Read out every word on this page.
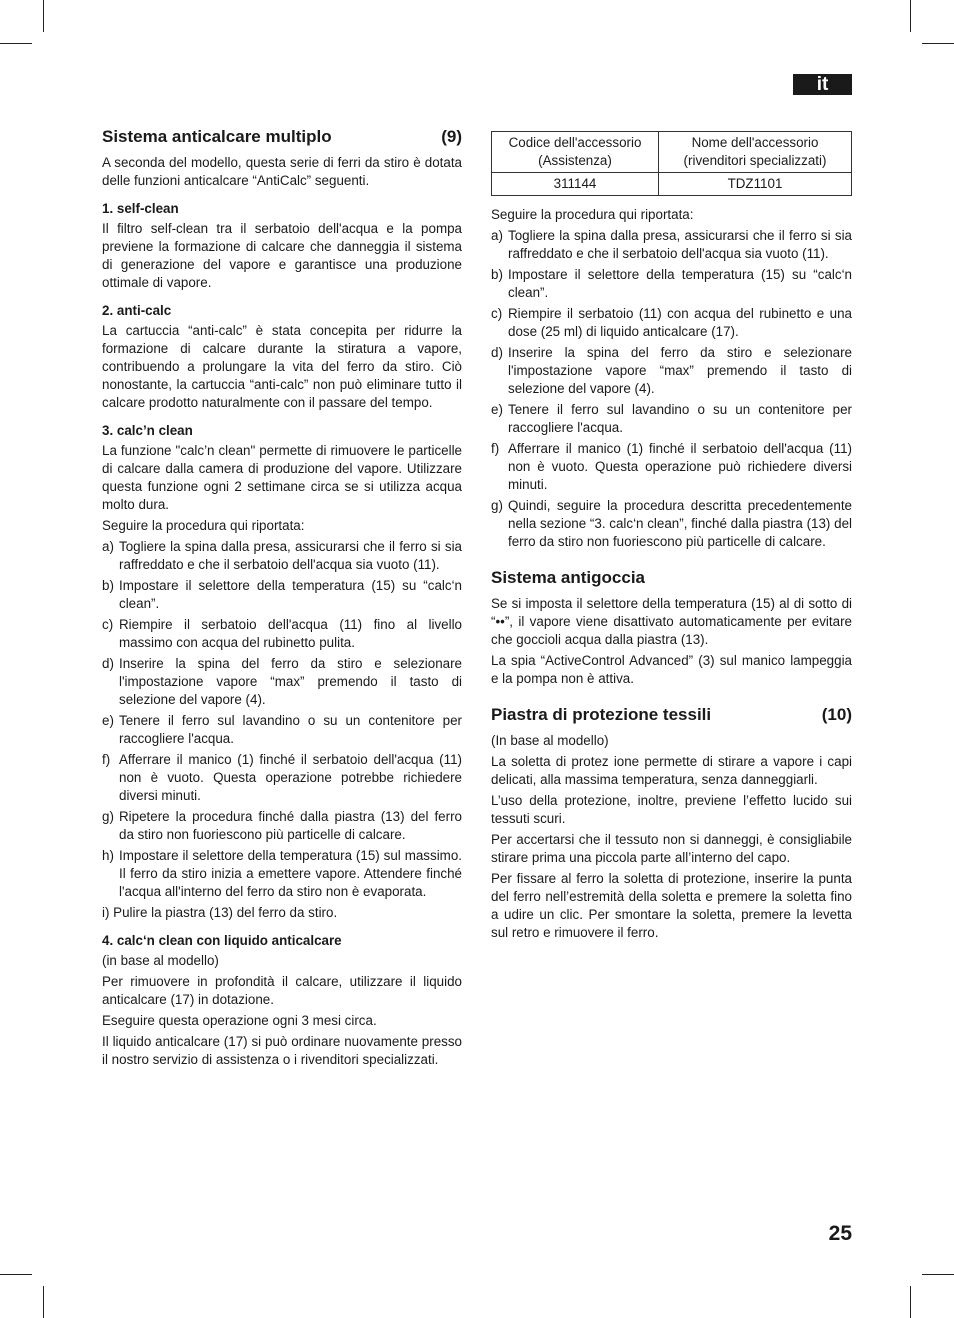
it
Sistema anticalcare multiplo	(9)

A seconda del modello, questa serie di ferri da stiro è dotata delle funzioni anticalcare “AntiCalc” seguenti.

1. self-clean

Il filtro self-clean tra il serbatoio dell'acqua e la pompa previene la formazione di calcare che danneggia il sistema di generazione del vapore e garantisce una produzione ottimale di vapore.

2. anti-calc

La cartuccia “anti-calc” è stata concepita per ridurre la formazione di calcare durante la stiratura a vapore, contribuendo a prolungare la vita del ferro da stiro. Ciò nonostante, la cartuccia “anti-calc” non può eliminare tutto il calcare prodotto naturalmente con il passare del tempo.

3. calc’n clean

La funzione "calc’n clean" permette di rimuovere le particelle di calcare dalla camera di produzione del vapore. Utilizzare questa funzione ogni 2 settimane circa se si utilizza acqua molto dura.

Seguire la procedura qui riportata:

a) Togliere la spina dalla presa, assicurarsi che il ferro si sia raffreddato e che il serbatoio dell'acqua sia vuoto (11).
b) Impostare il selettore della temperatura (15) su “calc‘n clean”.
c) Riempire il serbatoio dell'acqua (11) fino al livello massimo con acqua del rubinetto pulita.
d) Inserire la spina del ferro da stiro e selezionare l'impostazione vapore “max” premendo il tasto di selezione del vapore (4).
e) Tenere il ferro sul lavandino o su un contenitore per raccogliere l'acqua.
f) Afferrare il manico (1) finché il serbatoio dell'acqua (11) non è vuoto. Questa operazione potrebbe richiedere diversi minuti.
g) Ripetere la procedura finché dalla piastra (13) del ferro da stiro non fuoriescono più particelle di calcare.
h) Impostare il selettore della temperatura (15) sul massimo. Il ferro da stiro inizia a emettere vapore. Attendere finché l'acqua all'interno del ferro da stiro non è evaporata.

i) Pulire la piastra (13) del ferro da stiro.

4. calc‘n clean con liquido anticalcare

(in base al modello)

Per rimuovere in profondità il calcare, utilizzare il liquido anticalcare (17) in dotazione.

Eseguire questa operazione ogni 3 mesi circa.

Il liquido anticalcare (17) si può ordinare nuovamente presso il nostro servizio di assistenza o i rivenditori specializzati.

Codice dell'accessorio (Assistenza)	Nome dell'accessorio (rivenditori specializzati)
311144	TDZ1101

Seguire la procedura qui riportata:

a) Togliere la spina dalla presa, assicurarsi che il ferro si sia raffreddato e che il serbatoio dell'acqua sia vuoto (11).
b) Impostare il selettore della temperatura (15) su “calc‘n clean”.
c) Riempire il serbatoio (11) con acqua del rubinetto e una dose (25 ml) di liquido anticalcare (17).
d) Inserire la spina del ferro da stiro e selezionare l'impostazione vapore “max” premendo il tasto di selezione del vapore (4).
e) Tenere il ferro sul lavandino o su un contenitore per raccogliere l'acqua.
f) Afferrare il manico (1) finché il serbatoio dell'acqua (11) non è vuoto. Questa operazione può richiedere diversi minuti.
g) Quindi, seguire la procedura descritta precedentemente nella sezione “3. calc‘n clean”, finché dalla piastra (13) del ferro da stiro non fuoriescono più particelle di calcare.
Sistema antigoccia

Se si imposta il selettore della temperatura (15) al di sotto di “••”, il vapore viene disattivato automaticamente per evitare che goccioli acqua dalla piastra (13).

La spia “ActiveControl Advanced” (3) sul manico lampeggia e la pompa non è attiva.

Piastra di protezione tessili	(10)

(In base al modello)

La soletta di protez ione permette di stirare a vapore i capi delicati, alla massima temperatura, senza danneggiarli.

L’uso della protezione, inoltre, previene l’effetto lucido sui tessuti scuri.

Per accertarsi che il tessuto non si danneggi, è consigliabile stirare prima una piccola parte all’interno del capo.

Per fissare al ferro la soletta di protezione, inserire la punta del ferro nell’estremità della soletta e premere la soletta fino a udire un clic. Per smontare la soletta, premere la levetta sul retro e rimuovere il ferro.

25
